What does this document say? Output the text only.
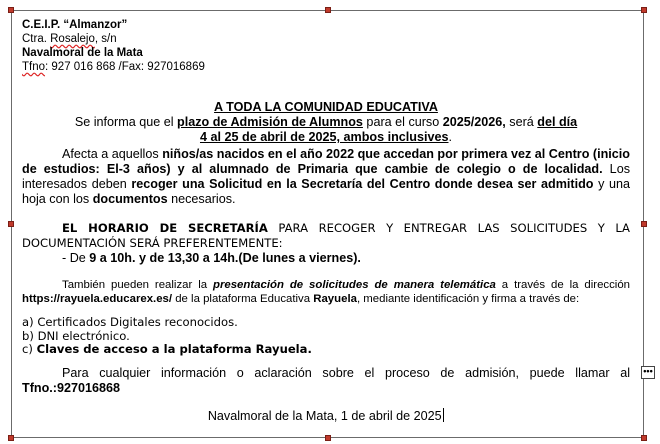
•••
C.E.I.P. “Almanzor”
Ctra. Rosalejo, s/n
Navalmoral de la Mata
Tfno: 927 016 868 /Fax: 927016869
A TODA LA COMUNIDAD EDUCATIVA
Se informa que el plazo de Admisión de Alumnos para el curso 2025/2026, será del día
4 al 25 de abril de 2025, ambos inclusives.
Afecta a aquellos niños/as nacidos en el año 2022 que accedan por primera vez al Centro (inicio de estudios: El-3 años) y al alumnado de Primaria que cambie de colegio o de localidad. Los interesados deben recoger una Solicitud en la Secretaría del Centro donde desea ser admitido y una hoja con los documentos necesarios.
EL HORARIO DE SECRETARÍA PARA RECOGER Y ENTREGAR LAS SOLICITUDES Y LA DOCUMENTACIÓN SERÁ PREFERENTEMENTE:
- De 9 a 10h. y de 13,30 a 14h.(De lunes a viernes).
También pueden realizar la presentación de solicitudes de manera telemática a través de la dirección https://rayuela.educarex.es/ de la plataforma Educativa Rayuela, mediante identificación y firma a través de:
a) Certificados Digitales reconocidos.
b) DNI electrónico.
c) Claves de acceso a la plataforma Rayuela.
Para cualquier información o aclaración sobre el proceso de admisión, puede llamar al Tfno.:927016868
Navalmoral de la Mata, 1 de abril de 2025
